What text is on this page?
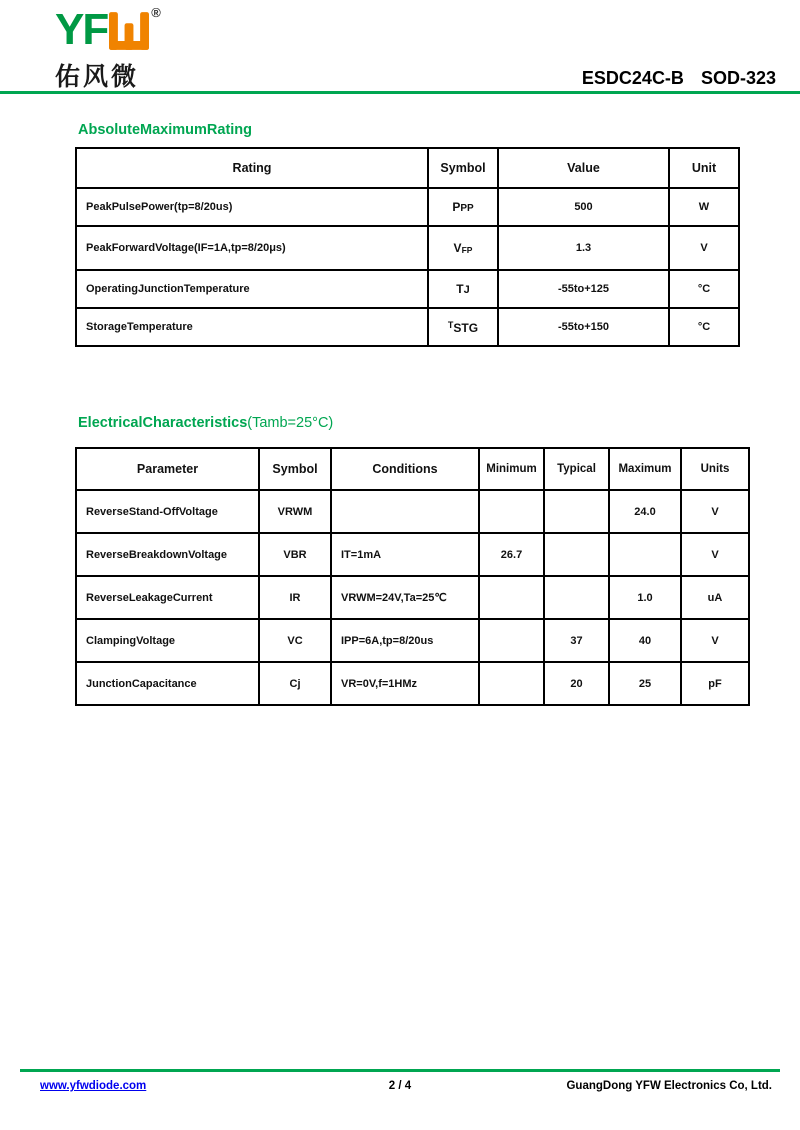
YF	®
佑风微	ESDC24C-B SOD-323
AbsoluteMaximumRating
Rating	Symbol	Value	Unit
PeakPulsePower(tp=8/20us)	PPP	500	W
PeakForwardVoltage(IF=1A,tp=8/20μs)	VFP	1.3	V
OperatingJunctionTemperature	TJ	-55to+125	°C
StorageTemperature	$^T$STG	-55to+150	°C
ElectricalCharacteristics(Tamb=25°C)
Parameter	Symbol	Conditions	Minimum	Typical	Maximum	Units
ReverseStand-OffVoltage	VRWM				24.0	V
ReverseBreakdownVoltage	VBR	IT=1mA	26.7			V
ReverseLeakageCurrent	IR	VRWM=24V,Ta=25℃			1.0	uA
ClampingVoltage	VC	IPP=6A,tp=8/20us		37	40	V
JunctionCapacitance	Cj	VR=0V,f=1HMz		20	25	pF
2 / 4
www.yfwdiode.com	GuangDong YFW Electronics Co, Ltd.
